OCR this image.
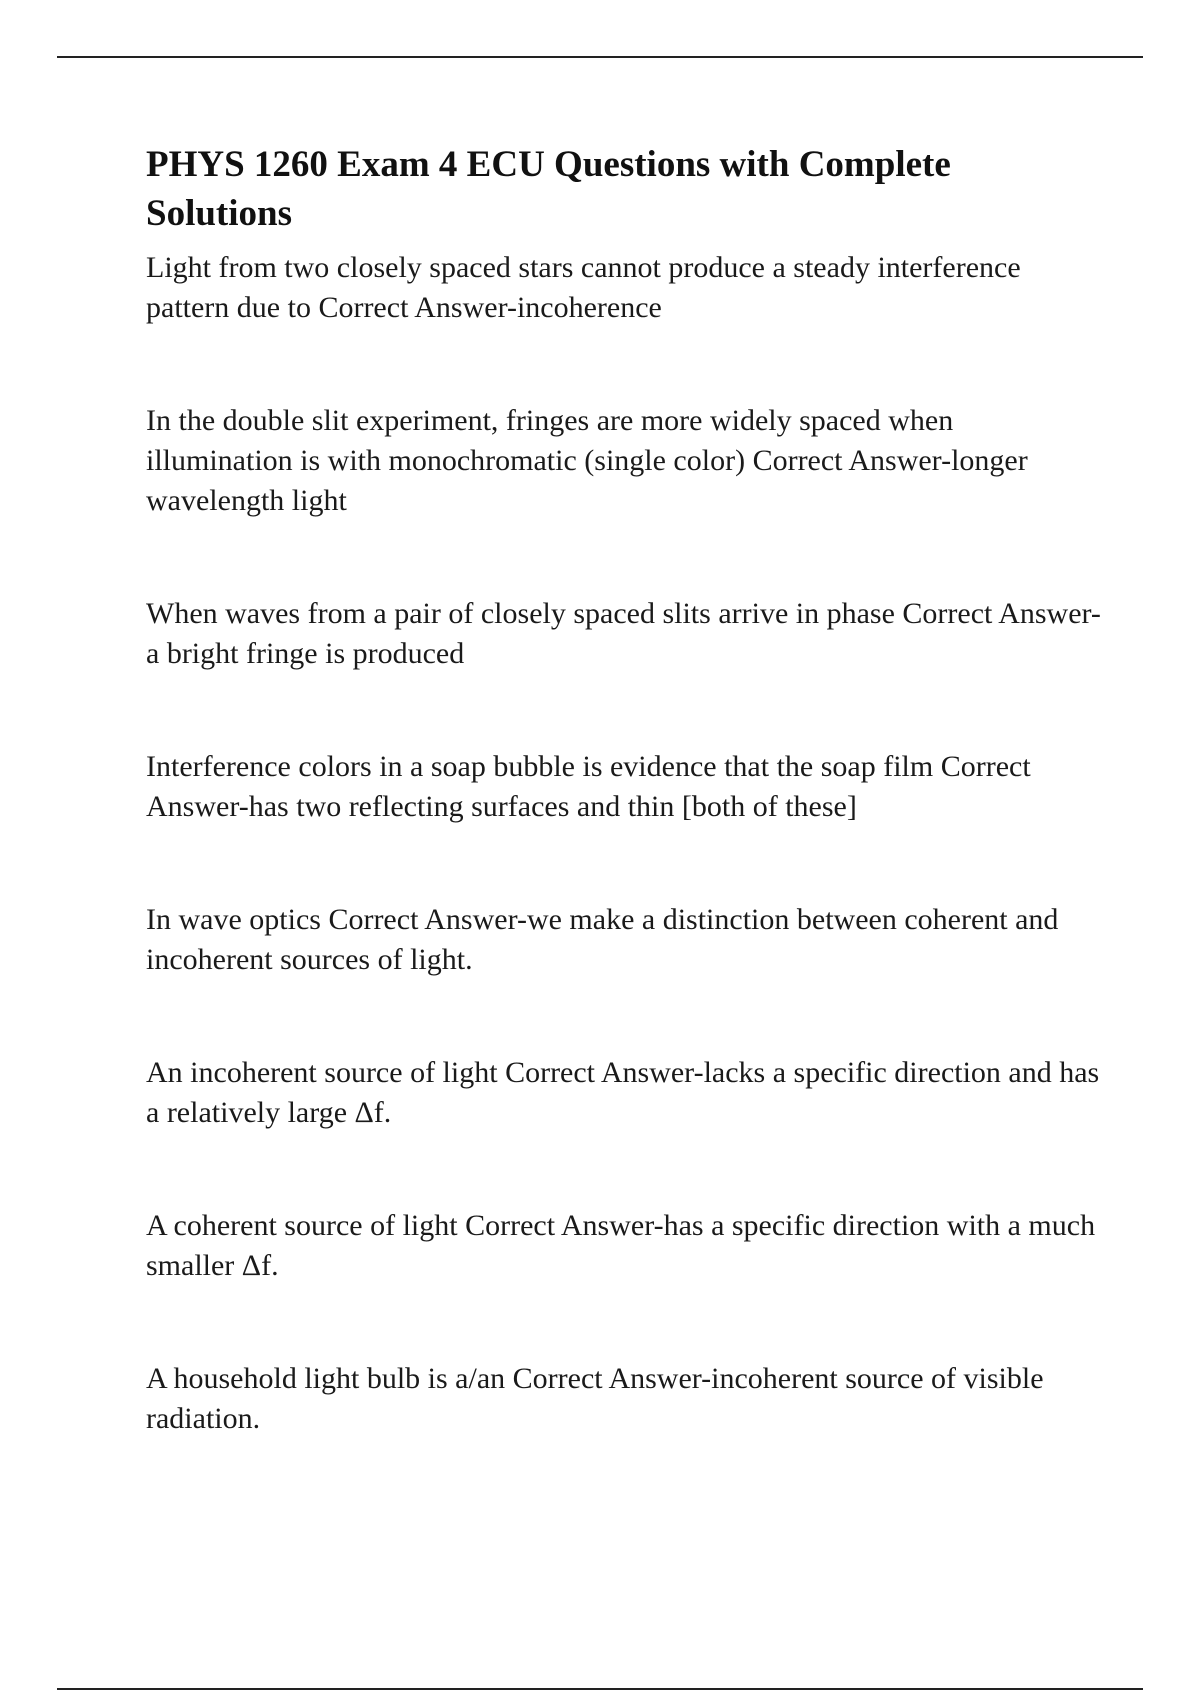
PHYS 1260 Exam 4 ECU Questions with Complete Solutions

Light from two closely spaced stars cannot produce a steady interference pattern due to Correct Answer-incoherence

In the double slit experiment, fringes are more widely spaced when illumination is with monochromatic (single color) Correct Answer-longer wavelength light

When waves from a pair of closely spaced slits arrive in phase Correct Answer-a bright fringe is produced

Interference colors in a soap bubble is evidence that the soap film Correct Answer-has two reflecting surfaces and thin [both of these]

In wave optics Correct Answer-we make a distinction between coherent and incoherent sources of light.

An incoherent source of light Correct Answer-lacks a specific direction and has a relatively large Δf.

A coherent source of light Correct Answer-has a specific direction with a much smaller Δf.

A household light bulb is a/an Correct Answer-incoherent source of visible radiation.
